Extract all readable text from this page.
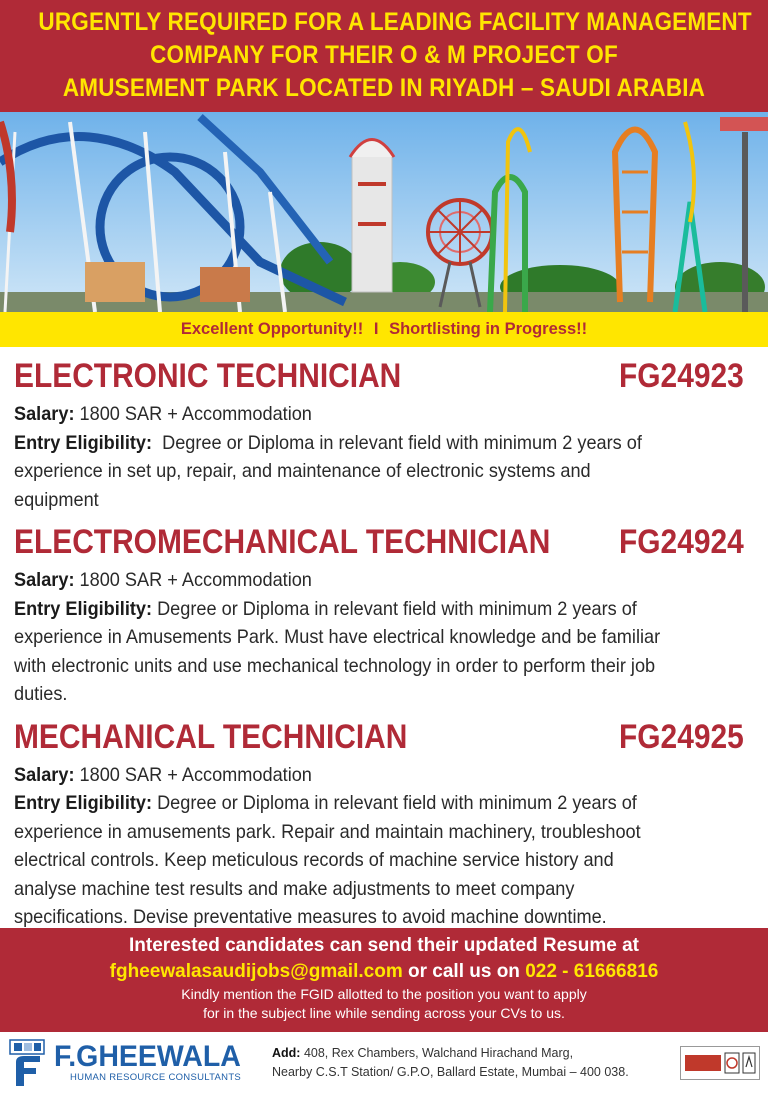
URGENTLY REQUIRED FOR A LEADING FACILITY MANAGEMENT
COMPANY FOR THEIR O & M PROJECT OF
AMUSEMENT PARK LOCATED IN RIYADH – SAUDI ARABIA
Excellent Opportunity!! I Shortlisting in Progress!!
ELECTRONIC TECHNICIAN	FG24923
Salary: 1800 SAR + Accommodation
Entry Eligibility:  Degree or Diploma in relevant field with minimum 2 years of
experience in set up, repair, and maintenance of electronic systems and
equipment
ELECTROMECHANICAL TECHNICIAN FG24924
Salary: 1800 SAR + Accommodation
Entry Eligibility: Degree or Diploma in relevant field with minimum 2 years of
experience in Amusements Park. Must have electrical knowledge and be familiar
with electronic units and use mechanical technology in order to perform their job
duties.
MECHANICAL TECHNICIAN	FG24925
Salary: 1800 SAR + Accommodation
Entry Eligibility: Degree or Diploma in relevant field with minimum 2 years of
experience in amusements park. Repair and maintain machinery, troubleshoot
electrical controls. Keep meticulous records of machine service history and
analyse machine test results and make adjustments to meet company
specifications. Devise preventative measures to avoid machine downtime.
Interested candidates can send their updated Resume at
fgheewalasaudijobs@gmail.com or call us on 022 - 61666816
Kindly mention the FGID allotted to the position you want to apply
for in the subject line while sending across your CVs to us.
F.GHEEWALA
HUMAN RESOURCE CONSULTANTS
Add: 408, Rex Chambers, Walchand Hirachand Marg,
Nearby C.S.T Station/ G.P.O, Ballard Estate, Mumbai – 400 038.
